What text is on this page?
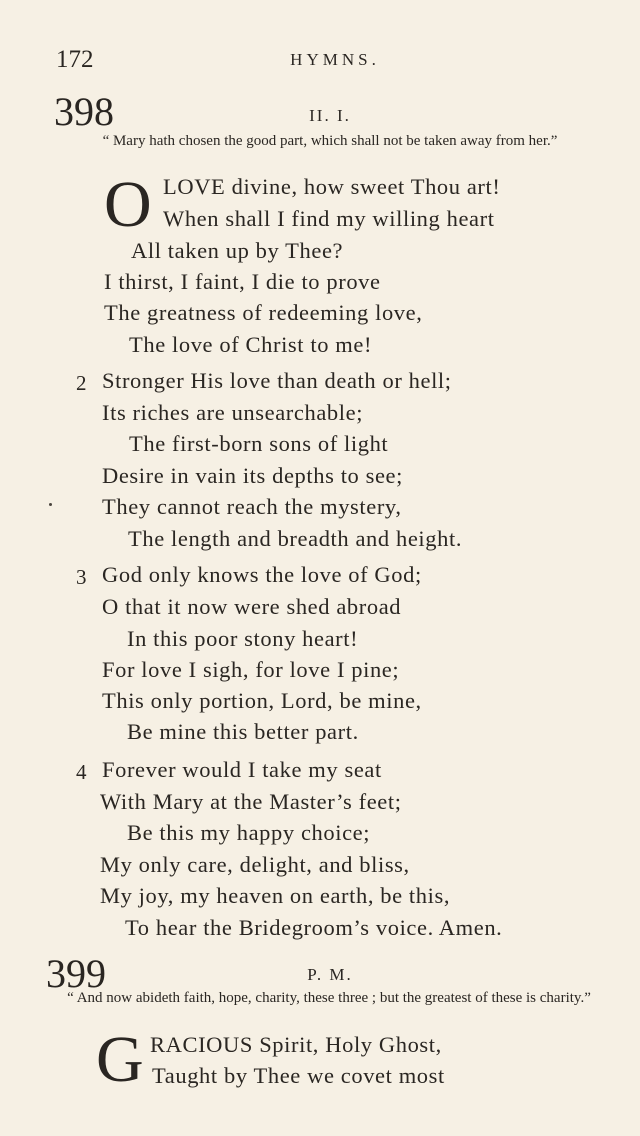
172	HYMNS.
398	II. I.
“ Mary hath chosen the good part, which shall not be taken away from her.”
O LOVE divine, how sweet Thou art!
When shall I find my willing heart
All taken up by Thee?
I thirst, I faint, I die to prove
The greatness of redeeming love,
The love of Christ to me!
2 Stronger His love than death or hell;
Its riches are unsearchable;
The first-born sons of light
Desire in vain its depths to see;
They cannot reach the mystery,
The length and breadth and height.
3 God only knows the love of God;
O that it now were shed abroad
In this poor stony heart!
For love I sigh, for love I pine;
This only portion, Lord, be mine,
Be mine this better part.
4 Forever would I take my seat
With Mary at the Master’s feet;
Be this my happy choice;
My only care, delight, and bliss,
My joy, my heaven on earth, be this,
To hear the Bridegroom’s voice. Amen.
399	P. M.
“ And now abideth faith, hope, charity, these three ; but the greatest of these is charity.”
G RACIOUS Spirit, Holy Ghost,
Taught by Thee we covet most
